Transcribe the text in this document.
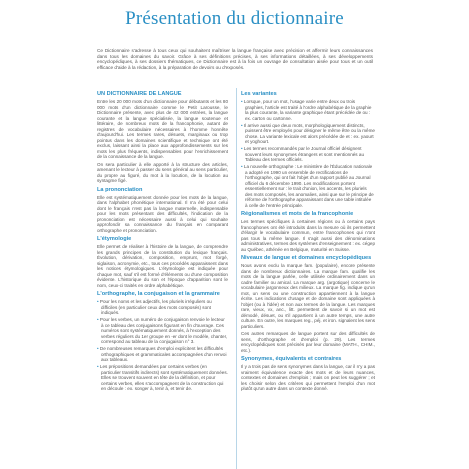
Présentation du dictionnaire
Ce Dictionnaire s'adresse à tous ceux qui souhaitent maîtriser la langue française avec précision et affermir leurs connaissances dans tous les domaines du savoir. Grâce à ses définitions précises, à ses informations détaillées, à ses développements encyclopédiques, à ses dossiers thématiques, ce Dictionnaire est à la fois un ouvrage de consultation aisée pour tous et un outil efficace d'aide à la rédaction, à la préparation de devoirs ou d'exposés.
UN DICTIONNAIRE DE LANGUE
Entre les 20 000 mots d'un dictionnaire pour débutants et les 80 000 mots d'un dictionnaire comme le Petit Larousse, le Dictionnaire présente, avec plus de 42 000 entrées, la langue courante et la langue spécialisée, la langue soutenue et littéraire, de nombreux mots de la francophonie, autant de registres de vocabulaire nécessaires à l'homme honnête d'aujourd'hui. Les termes rares, désuets, marginaux ou trop pointus dans les domaines scientifique et technique ont été exclus, laissant ainsi la place aux approfondissements sur les mots les plus fréquents, indispensables pour l'enrichissement de la connaissance de la langue.
On sera particulier à elle apporté à la structure des articles, amenant le lecteur à passer du sens général au sens particulier, du propre au figuré, du mot à la locution, de la locution au syntagme figé.
La prononciation
Elle est systématiquement donnée pour les mots de la langue, dans l'alphabet phonétique international. Il n'a été pour celui dont le français n'est pas la langue maternelle, indispensable pour les mots présentant des difficultés, l'indication de la prononciation est nécessaire aussi à celui qui souhaite approfondir sa connaissance du français en comparant orthographe et prononciation.
L'étymologie
Elle permet de réaliser à l'histoire de la langue, de comprendre les grands principes de la constitution du lexique français. Évolution, dérivation, composition, emprunt, mot forgé, siglaison, acronymie, etc., tous ces procédés apparaissent dans les notices étymologiques. L'étymologie est indiquée pour chaque mot, sauf s'il est formé d'éléments ou d'une composition évidente. L'historique du son et l'époque d'apparition sont le nom, ceux-ci traités en ordre alphabétique.
L'orthographe, la conjugaison et la grammaire
• Pour les noms et les adjectifs, les pluriels irréguliers ou difficiles (en particulier ceux des mots composés) sont indiqués.
• Pour les verbes, un numéro de conjugaison renvoie le lecteur à ce tableau des conjugaisons figurant en fin d'ouvrage. Ces numéros sont systématiquement donnés, à l'exception des verbes réguliers du 1er groupe en -er dont le modèle, chanter, correspond au tableau de la conjugaison n° 3.
• De nombreuses remarques d'emploi explicitent les difficultés orthographiques et grammaticales accompagnées d'un renvoi aux tableaux.
• Les prépositions demandées par certains verbes (en particulier transitifs indirects) sont systématiquement données. Elles se trouvent souvent en tête de la définition, et pour certains verbes, elles s'accompagnent de la construction qui en découle : ex. songer à, tenir à, et tenir de.
Les variantes
• Lorsque, pour un mot, l'usage varie entre deux ou trois graphies, l'article est traité à l'ordre alphabétique de la graphie la plus courante, la variante graphique étant précédée de ou : ex. carton ou cartonne.
• Il arrive aussi que deux mots, morphologiquement distincts, puissent être employés pour désigner le même être ou la même chose. La variante lexicale est alors précédée de et : ex. yaourt et yoghourt.
• Les termes recommandés par le Journal officiel désignent souvent leurs synonymes étrangers et sont mentionnés au Tableau des termes officiels.
• La nouvelle orthographe : Le ministère de l'Éducation nationale a adopté en 1990 un ensemble de rectifications de l'orthographe, qui ont fait l'objet d'un rapport publié au Journal officiel du 6 décembre 1990. Les modifications portent essentiellement sur : le trait d'union, les accents, les pluriels des mots composés, les anomalies, ainsi que sur le principe de réforme de l'orthographe apparaissant dans une table intitulée à celle de l'entrée principale.
Régionalismes et mots de la francophonie
Les termes spécifiques à certaines régions ou à certains pays francophones ont été introduits dans la mesure où ils permettent d'élargir le vocabulaire commun, entre francophones qui n'ont pas tous la même langue. Il s'agit aussi des dénominations administratives, termes des systèmes d'enseignement : ex. cégep au Québec, athénée en Belgique, maturité en Suisse.
Niveaux de langue et domaines encyclopédiques
Nous avons exclu la marque fam. (populaire), encore présente dans de nombreux dictionnaires. La marque fam. qualifie les mots de la langue parlée, celle utilisée ordinairement dans un cadre familier ou amical. La marque arg. (argotique) concerne le vocabulaire jargonneux des milieux. La marque fig. indique qu'un mot, un sens ou une construction appartiennent à la langue écrite. Les indications d'usage et de domaine sont appliquées à l'objet (ou à l'idée) et non aux termes de la langue. Les marques rare, vieux, vx, anc., litt. permettent de savoir si un mot est démodé, désuet, ou s'il appartient à un autre temps, une autre culture. En outre, les marques reg., péj. et iron. signalent les sens particuliers.
Ces autres remarques de langue portent sur des difficultés de sens, d'orthographe et d'emploi (p. 29). Les termes encyclopédiques sont précisés par leur domaine (MATH., CHIM., etc.).
Synonymes, équivalents et contraires
Il y a trois pas de sens synonymes dans la langue, car il n'y a pas vraiment équivalence exacte des mots et de leurs nuances, contextes et domaines d'emplois ; mais on peut les suggérer ; et les choisir selon des critères qui permettent l'emploi d'un mot plutôt qu'un autre dans un contexte donné.
